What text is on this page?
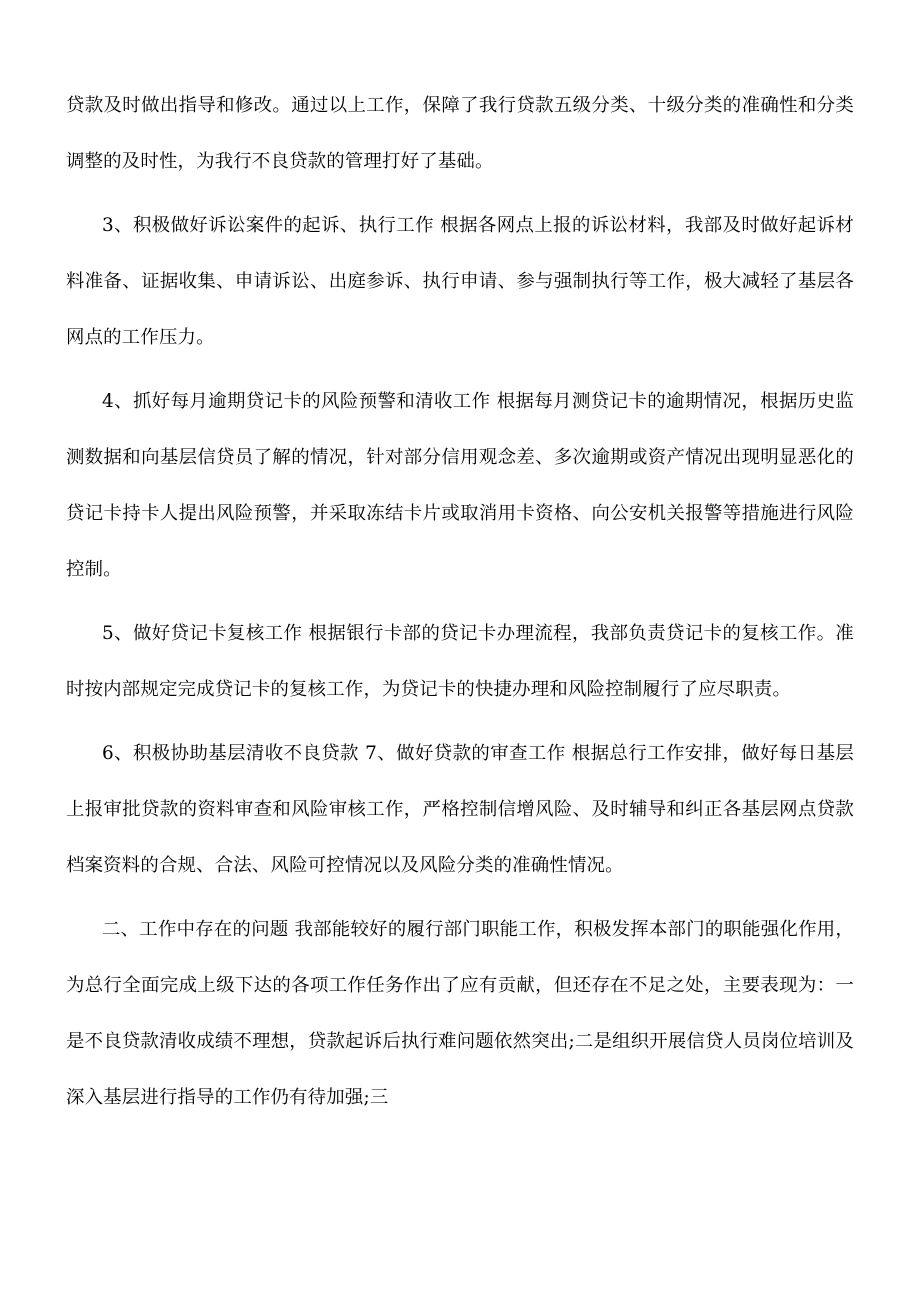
贷款及时做出指导和修改。通过以上工作，保障了我行贷款五级分类、十级分类的准确性和分类调整的及时性，为我行不良贷款的管理打好了基础。

3、积极做好诉讼案件的起诉、执行工作 根据各网点上报的诉讼材料，我部及时做好起诉材料准备、证据收集、申请诉讼、出庭参诉、执行申请、参与强制执行等工作，极大减轻了基层各网点的工作压力。

4、抓好每月逾期贷记卡的风险预警和清收工作 根据每月测贷记卡的逾期情况，根据历史监测数据和向基层信贷员了解的情况，针对部分信用观念差、多次逾期或资产情况出现明显恶化的贷记卡持卡人提出风险预警，并采取冻结卡片或取消用卡资格、向公安机关报警等措施进行风险控制。

5、做好贷记卡复核工作 根据银行卡部的贷记卡办理流程，我部负责贷记卡的复核工作。准时按内部规定完成贷记卡的复核工作，为贷记卡的快捷办理和风险控制履行了应尽职责。

6、积极协助基层清收不良贷款 7、做好贷款的审查工作 根据总行工作安排，做好每日基层上报审批贷款的资料审查和风险审核工作，严格控制信增风险、及时辅导和纠正各基层网点贷款档案资料的合规、合法、风险可控情况以及风险分类的准确性情况。

二、工作中存在的问题 我部能较好的履行部门职能工作，积极发挥本部门的职能强化作用，为总行全面完成上级下达的各项工作任务作出了应有贡献，但还存在不足之处，主要表现为：一是不良贷款清收成绩不理想，贷款起诉后执行难问题依然突出;二是组织开展信贷人员岗位培训及深入基层进行指导的工作仍有待加强;三
